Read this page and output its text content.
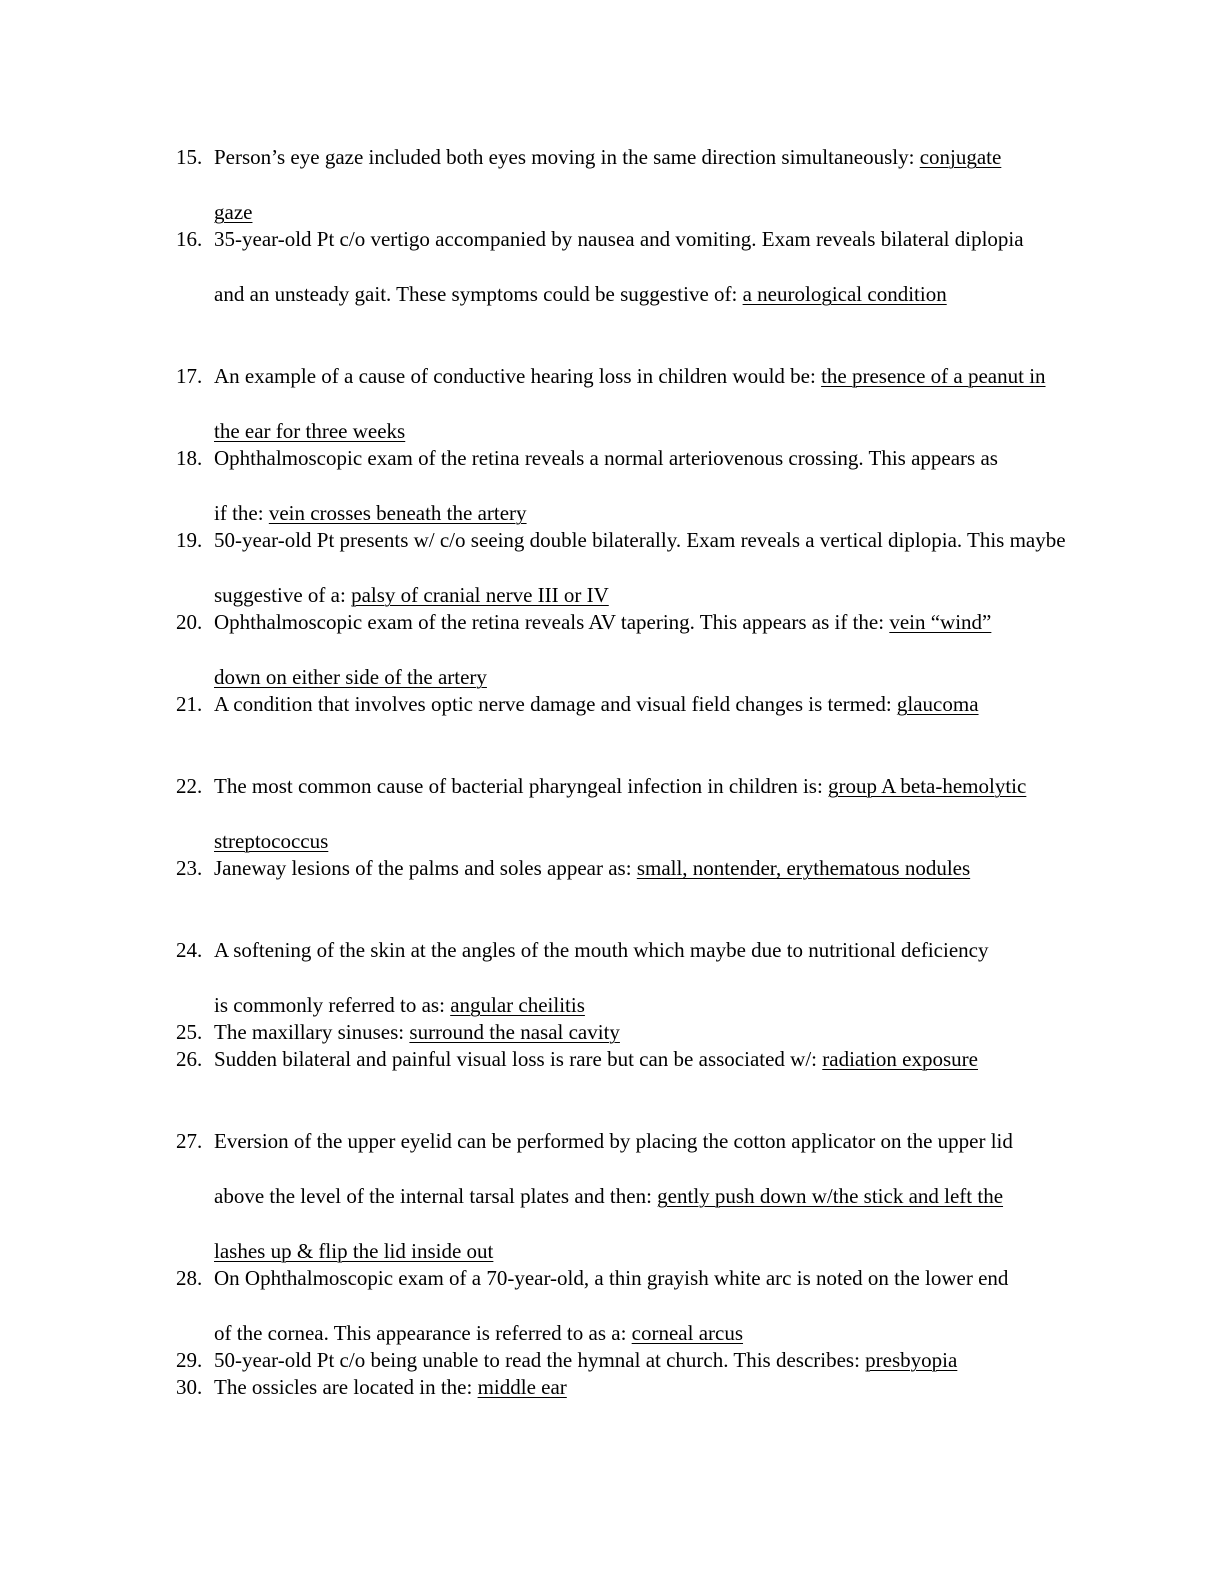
15. Person’s eye gaze included both eyes moving in the same direction simultaneously: conjugate gaze
16. 35-year-old Pt c/o vertigo accompanied by nausea and vomiting. Exam reveals bilateral diplopia and an unsteady gait. These symptoms could be suggestive of: a neurological condition
17. An example of a cause of conductive hearing loss in children would be: the presence of a peanut in the ear for three weeks
18. Ophthalmoscopic exam of the retina reveals a normal arteriovenous crossing. This appears as if the: vein crosses beneath the artery
19. 50-year-old Pt presents w/ c/o seeing double bilaterally. Exam reveals a vertical diplopia. This maybe suggestive of a: palsy of cranial nerve III or IV
20. Ophthalmoscopic exam of the retina reveals AV tapering. This appears as if the: vein “wind” down on either side of the artery
21. A condition that involves optic nerve damage and visual field changes is termed: glaucoma
22. The most common cause of bacterial pharyngeal infection in children is: group A beta-hemolytic streptococcus
23. Janeway lesions of the palms and soles appear as: small, nontender, erythematous nodules
24. A softening of the skin at the angles of the mouth which maybe due to nutritional deficiency is commonly referred to as: angular cheilitis
25. The maxillary sinuses: surround the nasal cavity
26. Sudden bilateral and painful visual loss is rare but can be associated w/: radiation exposure
27. Eversion of the upper eyelid can be performed by placing the cotton applicator on the upper lid above the level of the internal tarsal plates and then: gently push down w/the stick and left the lashes up & flip the lid inside out
28. On Ophthalmoscopic exam of a 70-year-old, a thin grayish white arc is noted on the lower end of the cornea. This appearance is referred to as a: corneal arcus
29. 50-year-old Pt c/o being unable to read the hymnal at church. This describes: presbyopia
30. The ossicles are located in the: middle ear
